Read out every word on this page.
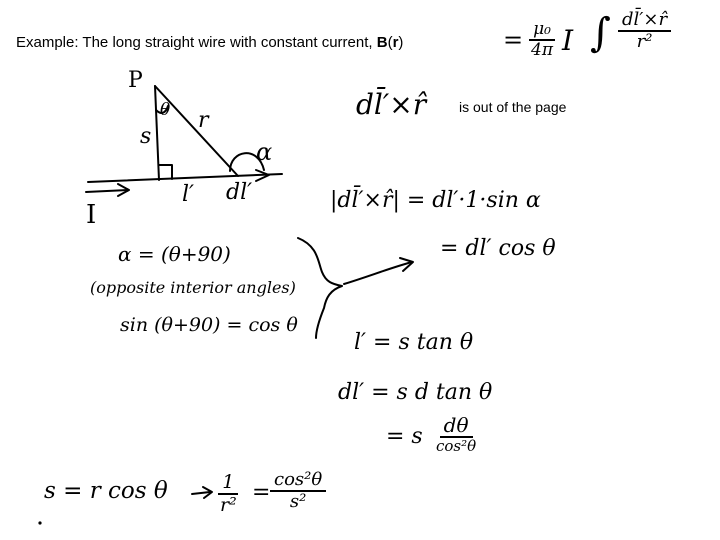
Example: The long straight wire with constant current, B(r)	= $\frac{\text{μ₀}}{4\pi}$ I ∫ $\frac{dl̄'\times r̂}{\text{r²}}$
dl̄′×r̂ is out of the page
P
θ r
s
α
l′ dl′
I	|dl̄′×r̂| = dl′·1·sin α
= dl′ cos θ
α = (θ+90)
(opposite interior angles)
sin (θ+90) = cos θ
l′ = s tan θ
dl′ = s d tan θ
= s dθ
cos²θ
s = r cos θ	$\frac{1}{\text{r²}} = \frac{\text{cos²θ}}{\text{s²}}$
